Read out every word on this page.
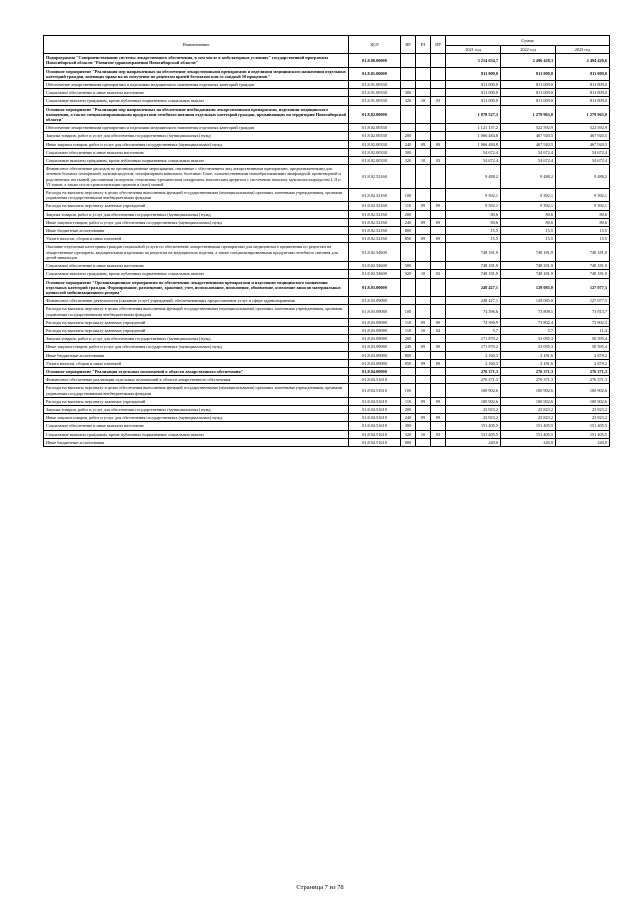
Наименование	ЦСР	ВР	РЗ	ПР	Сумма		
					2021 год	2022 год	2023 год
Подпрограмма "Совершенствование системы лекарственного обеспечения, в том числе в амбулаторных условиях" государственной программы Новосибирской области "Развитие здравоохранения Новосибирской области"	01.8.00.00000				3 214 634,7	2 496 428,3	2 494 420,6
Основное мероприятие "Реализация мер направленных на обеспечение лекарственными препаратами и изделиями медицинского назначения отдельных категорий граждан, имеющих право на их получение по рецептам врачей бесплатно или со скидкой 50 процентов"	01.8.01.00000				811 009,0	811 009,0	811 009,0
Обеспечение лекарственными препаратами и изделиями медицинского назначения отдельных категорий граждан	01.8.01.00330				811 009,0	811 009,0	811 009,0
Социальное обеспечение и иные выплаты населению	01.8.01.00330	300			811 009,0	811 009,0	811 009,0
Социальные выплаты гражданам, кроме публичных нормативных социальных выплат	01.8.01.00330	320	10	03	811 009,0	811 009,0	811 009,0
Основное мероприятие "Реализация мер направленных на обеспечение необходимыми лекарственными препаратами, изделиями медицинского назначения, а также специализированными продуктами лечебного питания отдельных категорий граждан, проживающих на территории Новосибирской области"	01.8.02.00000				1 878 527,3	1 279 963,0	1 279 963,0
Обеспечение лекарственными препаратами и изделиями медицинского назначения отдельных категорий граждан	01.8.02.00330				1 121 157,2	522 592,9	522 592,9
Закупка товаров, работ и услуг для обеспечения государственных (муниципальных) нужд	01.8.02.00330	200			1 066 484,8	467 920,5	467 920,5
Иные закупки товаров, работ и услуг для обеспечения государственных (муниципальных) нужд	01.8.02.00330	240	09	09	1 066 484,8	467 920,5	467 920,5
Социальное обеспечение и иные выплаты населению	01.8.02.00330	300			54 672,4	54 672,4	54 672,4
Социальные выплаты гражданам, кроме публичных нормативных социальных выплат	01.8.02.00330	320	10	03	54 672,4	54 672,4	54 672,4
Финансовое обеспечение расходов на организационные мероприятия, связанные с обеспечением лиц лекарственными препаратами, предназначенными для лечения больных гемофилией, муковисцидозом, гипофизарным нанизмом, болезнью Гоше, злокачественными новообразованиями лимфоидной, кроветворной и родственных им тканей, рассеянным склерозом, гемолитико-уремическим синдромом, юношеским артритом с системным началом, мукополисахаридозом I, II и VI типов, а также после трансплантации органов и (или) тканей	01.8.02.52160				9 488,2	9 488,2	9 488,2
Расходы на выплаты персоналу в целях обеспечения выполнения функций государственными (муниципальными) органами, казенными учреждениями, органами управления государственными внебюджетными фондами	01.8.02.52160	100			9 392,1	9 392,1	9 392,1
Расходы на выплаты персоналу казенных учреждений	01.8.02.52160	110	09	09	9 392,1	9 392,1	9 392,1
Закупка товаров, работ и услуг для обеспечения государственных (муниципальных) нужд	01.8.02.52160	200			80,6	80,6	80,6
Иные закупки товаров, работ и услуг для обеспечения государственных (муниципальных) нужд	01.8.02.52160	240	09	09	80,6	80,6	80,6
Иные бюджетные ассигнования	01.8.02.52160	800			15,5	15,5	15,5
Уплата налогов, сборов и иных платежей	01.8.02.52160	850	09	09	15,5	15,5	15,5
Оказание отдельным категориям граждан социальной услуги по обеспечению лекарственными препаратами для медицинского применения по рецептам на лекарственные препараты, медицинскими изделиями по рецептам на медицинские изделия, а также специализированными продуктами лечебного питания для детей-инвалидов	01.8.02.54600				748 181,9	748 181,9	748 181,9
Социальное обеспечение и иные выплаты населению	01.8.02.54600	300			748 181,9	748 181,9	748 181,9
Социальные выплаты гражданам, кроме публичных нормативных социальных выплат	01.8.02.54600	320	10	03	748 181,9	748 181,9	748 181,9
Основное мероприятие "Организационные мероприятия по обеспечению лекарственными препаратами и изделиями медицинского назначения отдельных категорий граждан. Формирование, размещение, хранение, учет, использование, пополнение, обновление, освежение запасов материальных ценностей мобилизационного резерва"	01.8.03.00000				248 427,1	129 085,0	127 077,3
Финансовое обеспечение деятельности (оказание услуг) учреждений, обеспечивающих предоставление услуг в сфере здравоохранения	01.8.03.09080				248 427,1	129 085,0	127 077,3
Расходы на выплаты персоналу в целях обеспечения выполнения функций государственными (муниципальными) органами, казенными учреждениями, органами управления государственными внебюджетными фондами	01.8.03.09080	100			74 396,6	73 808,1	73 813,7
Расходы на выплаты персоналу казенных учреждений	01.8.03.09080	110	09	09	74 390,9	73 802,4	73 802,3
Расходы на выплаты персоналу казенных учреждений	01.8.03.09080	110	10	04	5,7	5,7	11,4
Закупка товаров, работ и услуг для обеспечения государственных (муниципальных) нужд	01.8.03.09080	200			171 870,2	53 095,3	50 395,4
Иные закупки товаров, работ и услуг для обеспечения государственных (муниципальных) нужд	01.8.03.09080	240	09	09	171 870,2	53 095,3	50 395,4
Иные бюджетные ассигнования	01.8.03.09080	800			2 160,3	2 181,6	2 878,2
Уплата налогов, сборов и иных платежей	01.8.03.09080	850	09	09	2 160,3	2 181,6	2 878,2
Основное мероприятие "Реализация отдельных полномочий в области лекарственного обеспечения"	01.8.04.00000				276 371,3	276 371,3	276 371,3
Финансовое обеспечение реализации отдельных полномочий в области лекарственного обеспечения	01.8.04.51610				276 371,3	276 371,3	276 371,3
Расходы на выплаты персоналу в целях обеспечения выполнения функций государственными (муниципальными) органами, казенными учреждениями, органами управления государственными внебюджетными фондами	01.8.04.51610	100			100 902,6	100 902,6	100 902,6
Расходы на выплаты персоналу казенных учреждений	01.8.04.51610	110	09	09	100 902,6	100 902,6	100 902,6
Закупка товаров, работ и услуг для обеспечения государственных (муниципальных) нужд	01.8.04.51610	200			23 823,2	23 823,2	23 823,2
Иные закупки товаров, работ и услуг для обеспечения государственных (муниципальных) нужд	01.8.04.51610	240	09	09	23 823,2	23 823,2	23 823,2
Социальное обеспечение и иные выплаты населению	01.8.04.51610	300			151 405,5	151 405,5	151 405,5
Социальные выплаты гражданам, кроме публичных нормативных социальных выплат	01.8.04.51610	320	10	03	151 405,5	151 405,5	151 405,5
Иные бюджетные ассигнования	01.8.04.51610	800			240,0	240,0	240,0
Страница 7 из 78
